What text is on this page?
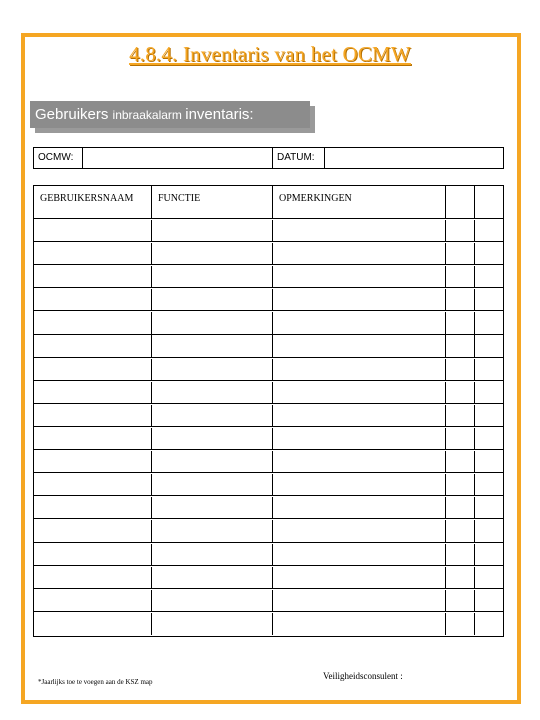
4.8.4. Inventaris van het OCMW
Gebruikers inbraakalarm inventaris:
OCMW:	DATUM:
GEBRUIKERSNAAM	FUNCTIE	OPMERKINGEN
*Jaarlijks toe te voegen aan de KSZ map
Veiligheidsconsulent :
